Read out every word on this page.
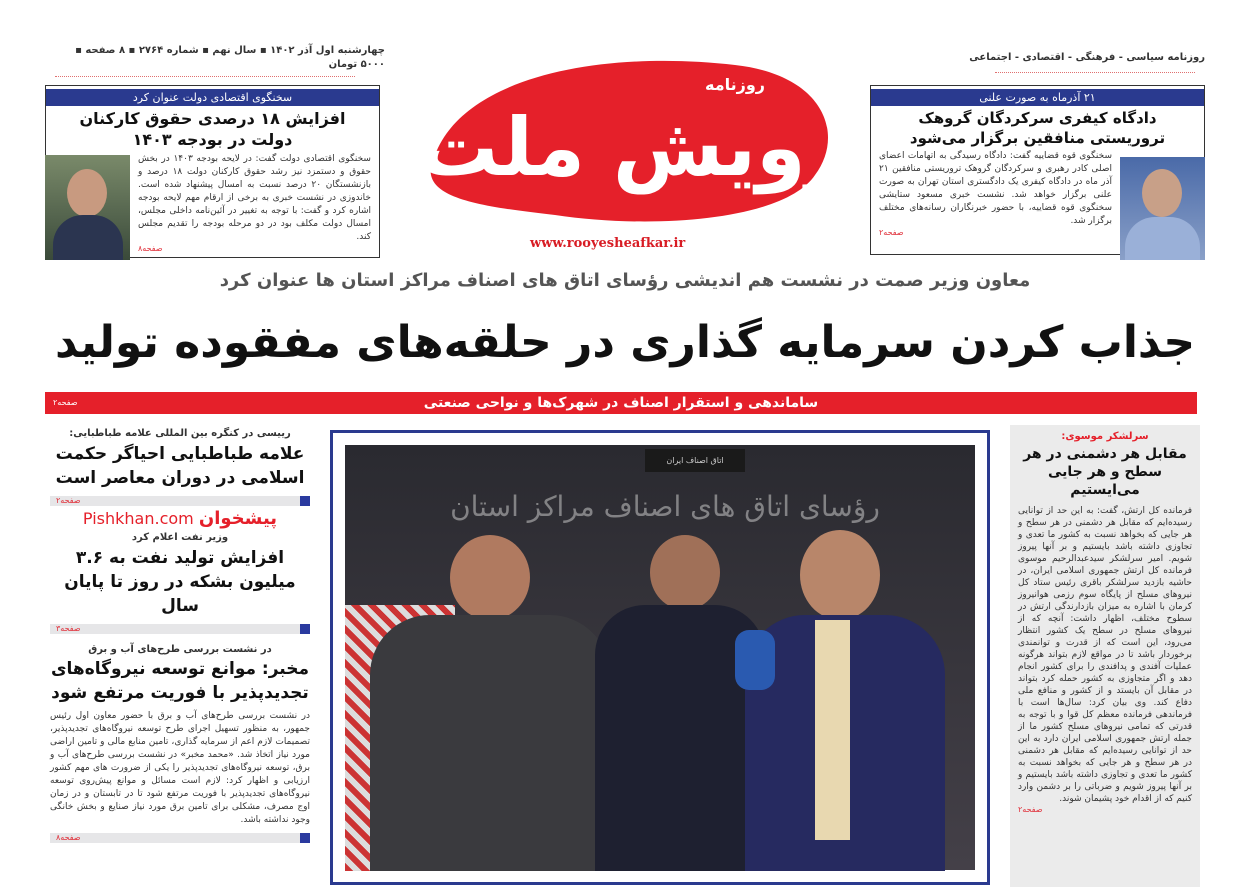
چهارشنبه اول آذر ۱۴۰۲ ▪ سال نهم ▪ شماره ۲۷۶۴ ▪ ۸ صفحه ▪ ۵۰۰۰ تومان
روزنامه سیاسی - فرهنگی - اقتصادی - اجتماعی
رویش ملت
روزنامه
www.rooyesheafkar.ir
سخنگوی اقتصادی دولت عنوان کرد
افزایش ۱۸ درصدی حقوق کارکنان دولت در بودجه ۱۴۰۳
سخنگوی اقتصادی دولت گفت: در لایحه بودجه ۱۴۰۳ در بخش حقوق و دستمزد نیز رشد حقوق کارکنان دولت ۱۸ درصد و بازنشستگان ۲۰ درصد نسبت به امسال پیشنهاد شده است. خاندوزی در نشست خبری به برخی از ارقام مهم لایحه بودجه اشاره کرد و گفت: با توجه به تغییر در آئین‌نامه داخلی مجلس، امسال دولت مکلف بود در دو مرحله بودجه را تقدیم مجلس کند.
صفحه۸
۲۱ آذرماه به صورت علنی
دادگاه کیفری سرکردگان گروهک تروریستی منافقین برگزار می‌شود
سخنگوی قوه قضاییه گفت: دادگاه رسیدگی به اتهامات اعضای اصلی کادر رهبری و سرکردگان گروهک تروریستی منافقین ۲۱ آذر ماه در دادگاه کیفری یک دادگستری استان تهران به صورت علنی برگزار خواهد شد. نشست خبری مسعود ستایشی سخنگوی قوه قضاییه، با حضور خبرنگاران رسانه‌های مختلف برگزار شد.
صفحه۲
معاون وزیر صمت در نشست هم اندیشی رؤسای اتاق های اصناف مراکز استان ها عنوان کرد
جذاب کردن سرمایه گذاری در حلقه‌های مفقوده تولید
ساماندهی و استقرار اصناف در شهرک‌ها و نواحی صنعتی
صفحه۲
رییسی در کنگره بین المللی علامه طباطبایی:
علامه طباطبایی احیاگر حکمت اسلامی در دوران معاصر است
صفحه۲
پیشخوان Pishkhan.com
وزیر نفت اعلام کرد
افزایش تولید نفت به ۳.۶ میلیون بشکه در روز تا پایان سال
صفحه۳
در نشست بررسی طرح‌های آب و برق
مخبر: موانع توسعه نیروگاه‌های تجدیدپذیر با فوریت مرتفع شود
در نشست بررسی طرح‌های آب و برق با حضور معاون اول رئیس جمهور، به منظور تسهیل اجرای طرح توسعه نیروگاه‌های تجدیدپذیر، تصمیمات لازم اعم از سرمایه گذاری، تامین منابع مالی و تامین اراضی مورد نیاز اتخاذ شد. «محمد مخبر» در نشست بررسی طرح‌های آب و برق، توسعه نیروگاه‌های تجدیدپذیر را یکی از ضرورت های مهم کشور ارزیابی و اظهار کرد: لازم است مسائل و موانع پیش‌روی توسعه نیروگاه‌های تجدیدپذیر با فوریت مرتفع شود تا در تابستان و در زمان اوج مصرف، مشکلی برای تامین برق مورد نیاز صنایع و بخش خانگی وجود نداشته باشد.
صفحه۸
اتاق اصناف ایران
رؤسای اتاق های اصناف مراکز استان
سرلشکر موسوی:
مقابل هر دشمنی در هر سطح و هر جایی می‌ایستیم
فرمانده کل ارتش، گفت: به این حد از توانایی رسیده‌ایم که مقابل هر دشمنی در هر سطح و هر جایی که بخواهد نسبت به کشور ما تعدی و تجاوزی داشته باشد بایستیم و بر آنها پیروز شویم. امیر سرلشکر سیدعبدالرحیم موسوی فرمانده کل ارتش جمهوری اسلامی ایران، در حاشیه بازدید سرلشکر باقری رئیس ستاد کل نیروهای مسلح از پایگاه سوم رزمی هوانیروز کرمان با اشاره به میزان بازدارندگی ارتش در سطوح مختلف، اظهار داشت: آنچه که از نیروهای مسلح در سطح یک کشور انتظار می‌رود، این است که از قدرت و توانمندی برخوردار باشد تا در مواقع لازم بتواند هرگونه عملیات آفندی و پدافندی را برای کشور انجام دهد و اگر متجاوزی به کشور حمله کرد بتواند در مقابل آن بایستد و از کشور و منافع ملی دفاع کند. وی بیان کرد: سال‌ها است با فرماندهی فرمانده معظم کل قوا و با توجه به قدرتی که تمامی نیروهای مسلح کشور ما از جمله ارتش جمهوری اسلامی ایران دارد به این حد از توانایی رسیده‌ایم که مقابل هر دشمنی در هر سطح و هر جایی که بخواهد نسبت به کشور ما تعدی و تجاوزی داشته باشد بایستیم و بر آنها پیروز شویم و ضرباتی را بر دشمن وارد کنیم که از اقدام خود پشیمان شوند.
صفحه۲
